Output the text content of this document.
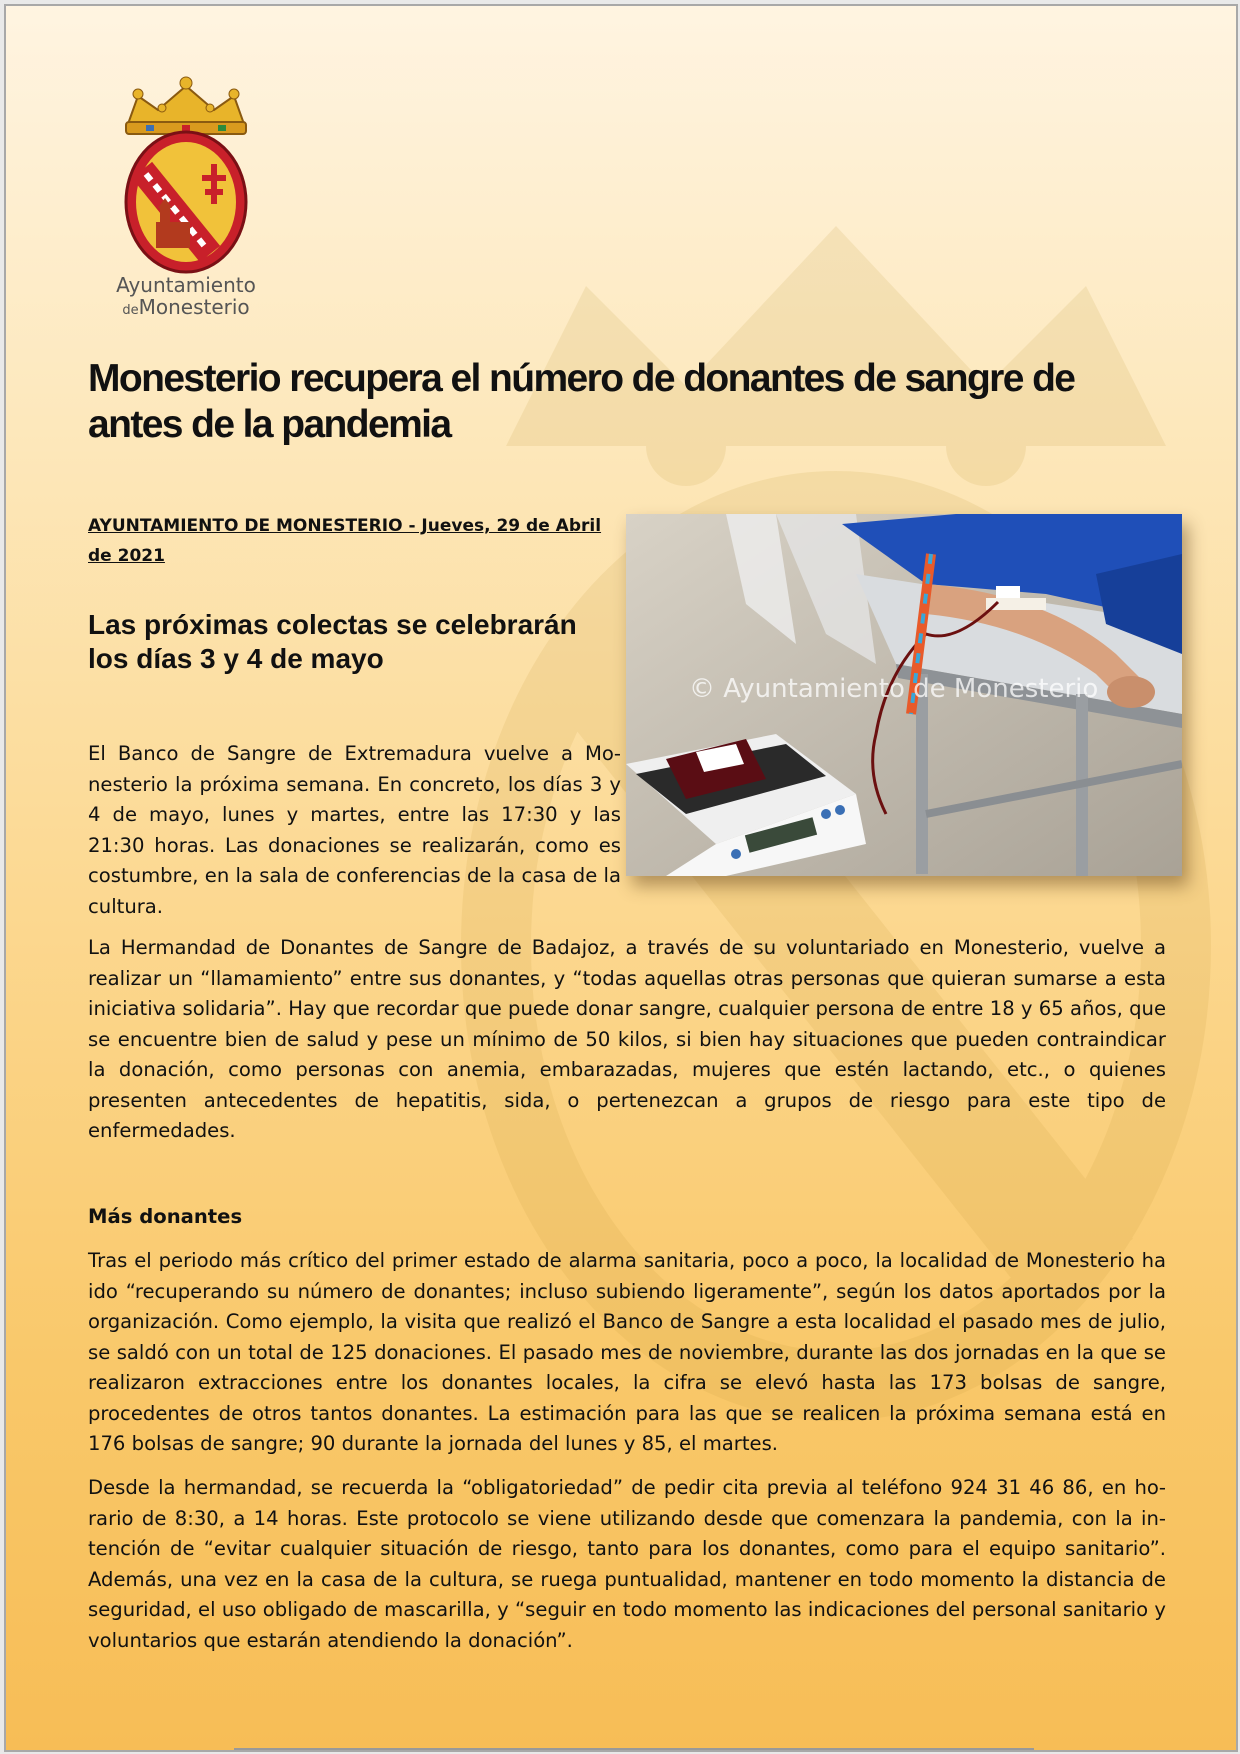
Ayuntamiento
deMonesterio
Monesterio recupera el número de donantes de sangre de antes de la pandemia

AYUNTAMIENTO DE MONESTERIO - Jueves, 29 de Abril de 2021

Las próximas colectas se celebrarán los días 3 y 4 de mayo
© Ayuntamiento de Monesterio

El Banco de Sangre de Extremadura vuelve a Monesterio la próxima semana. En concreto, los días 3 y 4 de mayo, lunes y martes, entre las 17:30 y las 21:30 horas. Las donaciones se realizarán, como es costumbre, en la sala de conferencias de la casa de la cultura.

La Hermandad de Donantes de Sangre de Badajoz, a través de su voluntariado en Monesterio, vuelve a realizar un “llamamiento” entre sus donantes, y “todas aquellas otras personas que quieran sumarse a esta iniciativa solidaria”. Hay que recordar que puede donar sangre, cualquier persona de entre 18 y 65 años, que se encuentre bien de salud y pese un mínimo de 50 kilos, si bien hay situaciones que pueden contraindicar la donación, como personas con anemia, embarazadas, mujeres que estén lactando, etc., o quienes presenten antecedentes de hepatitis, sida, o pertenezcan a grupos de riesgo para este tipo de enfermedades.

Más donantes

Tras el periodo más crítico del primer estado de alarma sanitaria, poco a poco, la localidad de Monesterio ha ido “recuperando su número de donantes; incluso subiendo ligeramente”, según los datos aportados por la organización. Como ejemplo, la visita que realizó el Banco de Sangre a esta localidad el pasado mes de julio, se saldó con un total de 125 donaciones. El pasado mes de noviembre, durante las dos jornadas en la que se realizaron extracciones entre los donantes locales, la cifra se elevó hasta las 173 bolsas de sangre, procedentes de otros tantos donantes. La estimación para las que se realicen la próxima semana está en 176 bolsas de sangre; 90 durante la jornada del lunes y 85, el martes.

Desde la hermandad, se recuerda la “obligatoriedad” de pedir cita previa al teléfono 924 31 46 86, en horario de 8:30, a 14 horas. Este protocolo se viene utilizando desde que comenzara la pandemia, con la intención de “evitar cualquier situación de riesgo, tanto para los donantes, como para el equipo sanitario”. Además, una vez en la casa de la cultura, se ruega puntualidad, mantener en todo momento la distancia de seguridad, el uso obligado de mascarilla, y “seguir en todo momento las indicaciones del personal sanitario y voluntarios que estarán atendiendo la donación”.
